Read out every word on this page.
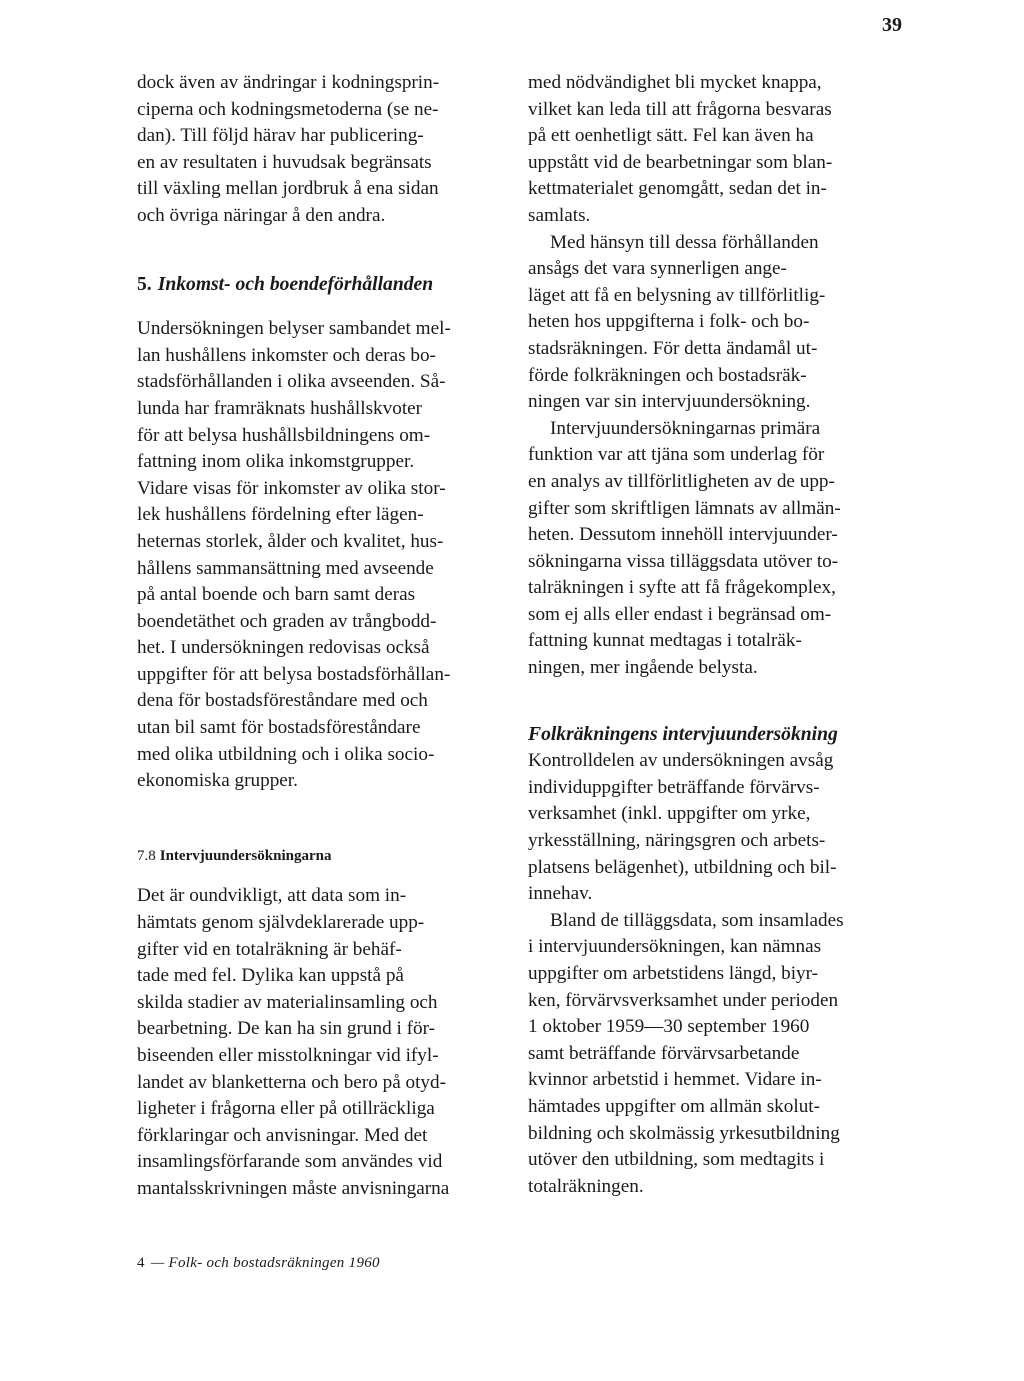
39

dock även av ändringar i kodningsprin-
ciperna och kodningsmetoderna (se ne-
dan). Till följd härav har publicering-
en av resultaten i huvudsak begränsats
till växling mellan jordbruk å ena sidan
och övriga näringar å den andra.

5. Inkomst- och boendeförhållanden

Undersökningen belyser sambandet mel-
lan hushållens inkomster och deras bo-
stadsförhållanden i olika avseenden. Så-
lunda har framräknats hushållskvoter
för att belysa hushållsbildningens om-
fattning inom olika inkomstgrupper.
Vidare visas för inkomster av olika stor-
lek hushållens fördelning efter lägen-
heternas storlek, ålder och kvalitet, hus-
hållens sammansättning med avseende
på antal boende och barn samt deras
boendetäthet och graden av trångbodd-
het. I undersökningen redovisas också
uppgifter för att belysa bostadsförhållan-
dena för bostadsföreståndare med och
utan bil samt för bostadsföreståndare
med olika utbildning och i olika socio-
ekonomiska grupper.

7.8 Intervjuundersökningarna

Det är oundvikligt, att data som in-
hämtats genom självdeklarerade upp-
gifter vid en totalräkning är behäf-
tade med fel. Dylika kan uppstå på
skilda stadier av materialinsamling och
bearbetning. De kan ha sin grund i för-
biseenden eller misstolkningar vid ifyl-
landet av blanketterna och bero på otyd-
ligheter i frågorna eller på otillräckliga
förklaringar och anvisningar. Med det
insamlingsförfarande som användes vid
mantalsskrivningen måste anvisningarna

med nödvändighet bli mycket knappa,
vilket kan leda till att frågorna besvaras
på ett oenhetligt sätt. Fel kan även ha
uppstått vid de bearbetningar som blan-
kettmaterialet genomgått, sedan det in-
samlats.

Med hänsyn till dessa förhållanden
ansågs det vara synnerligen ange-
läget att få en belysning av tillförlitlig-
heten hos uppgifterna i folk- och bo-
stadsräkningen. För detta ändamål ut-
förde folkräkningen och bostadsräk-
ningen var sin intervjuundersökning.

Intervjuundersökningarnas primära
funktion var att tjäna som underlag för
en analys av tillförlitligheten av de upp-
gifter som skriftligen lämnats av allmän-
heten. Dessutom innehöll intervjuunder-
sökningarna vissa tilläggsdata utöver to-
talräkningen i syfte att få frågekomplex,
som ej alls eller endast i begränsad om-
fattning kunnat medtagas i totalräk-
ningen, mer ingående belysta.

Folkräkningens intervjuundersökning

Kontrolldelen av undersökningen avsåg
individuppgifter beträffande förvärvs-
verksamhet (inkl. uppgifter om yrke,
yrkesställning, näringsgren och arbets-
platsens belägenhet), utbildning och bil-
innehav.

Bland de tilläggsdata, som insamlades
i intervjuundersökningen, kan nämnas
uppgifter om arbetstidens längd, biyr-
ken, förvärvsverksamhet under perioden
1 oktober 1959—30 september 1960
samt beträffande förvärvsarbetande
kvinnor arbetstid i hemmet. Vidare in-
hämtades uppgifter om allmän skolut-
bildning och skolmässig yrkesutbildning
utöver den utbildning, som medtagits i
totalräkningen.

4 — Folk- och bostadsräkningen 1960
